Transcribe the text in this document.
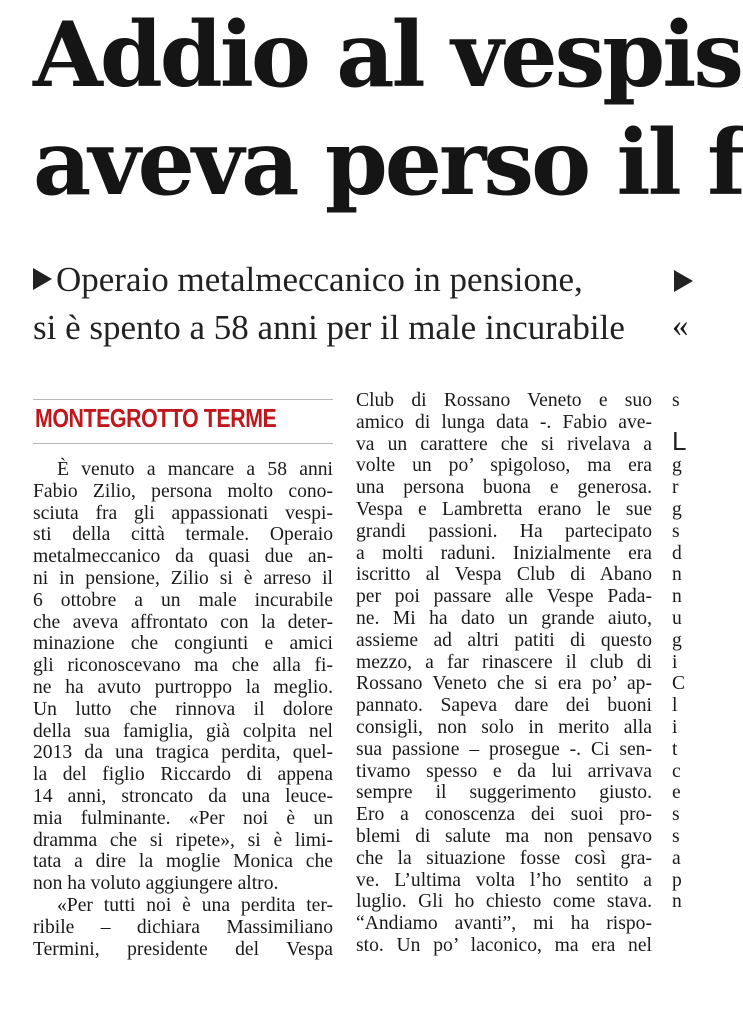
Addio al vespis
aveva perso il f
Operaio metalmeccanico in pensione,
si è spento a 58 anni per il male incurabile «
MONTEGROTTO TERME
È venuto a mancare a 58 anni
Fabio Zilio, persona molto cono-
sciuta fra gli appassionati vespi-
sti della città termale. Operaio
metalmeccanico da quasi due an-
ni in pensione, Zilio si è arreso il
6 ottobre a un male incurabile
che aveva affrontato con la deter-
minazione che congiunti e amici
gli riconoscevano ma che alla fi-
ne ha avuto purtroppo la meglio.
Un lutto che rinnova il dolore
della sua famiglia, già colpita nel
2013 da una tragica perdita, quel-
la del figlio Riccardo di appena
14 anni, stroncato da una leuce-
mia fulminante. «Per noi è un
dramma che si ripete», si è limi-
tata a dire la moglie Monica che
non ha voluto aggiungere altro.
«Per tutti noi è una perdita ter-
ribile – dichiara Massimiliano
Termini, presidente del Vespa
Club di Rossano Veneto e suo
amico di lunga data -. Fabio ave-
va un carattere che si rivelava a
volte un po’ spigoloso, ma era
una persona buona e generosa.
Vespa e Lambretta erano le sue
grandi passioni. Ha partecipato
a molti raduni. Inizialmente era
iscritto al Vespa Club di Abano
per poi passare alle Vespe Pada-
ne. Mi ha dato un grande aiuto,
assieme ad altri patiti di questo
mezzo, a far rinascere il club di
Rossano Veneto che si era po’ ap-
pannato. Sapeva dare dei buoni
consigli, non solo in merito alla
sua passione – prosegue -. Ci sen-
tivamo spesso e da lui arrivava
sempre il suggerimento giusto.
Ero a conoscenza dei suoi pro-
blemi di salute ma non pensavo
che la situazione fosse così gra-
ve. L’ultima volta l’ho sentito a
luglio. Gli ho chiesto come stava.
“Andiamo avanti”, mi ha rispo-
sto. Un po’ laconico, ma era nel
s
g
r
g
s
d
n
n
u
g
i
C
l
i
t
c
e
s
s
a
p
n
L
